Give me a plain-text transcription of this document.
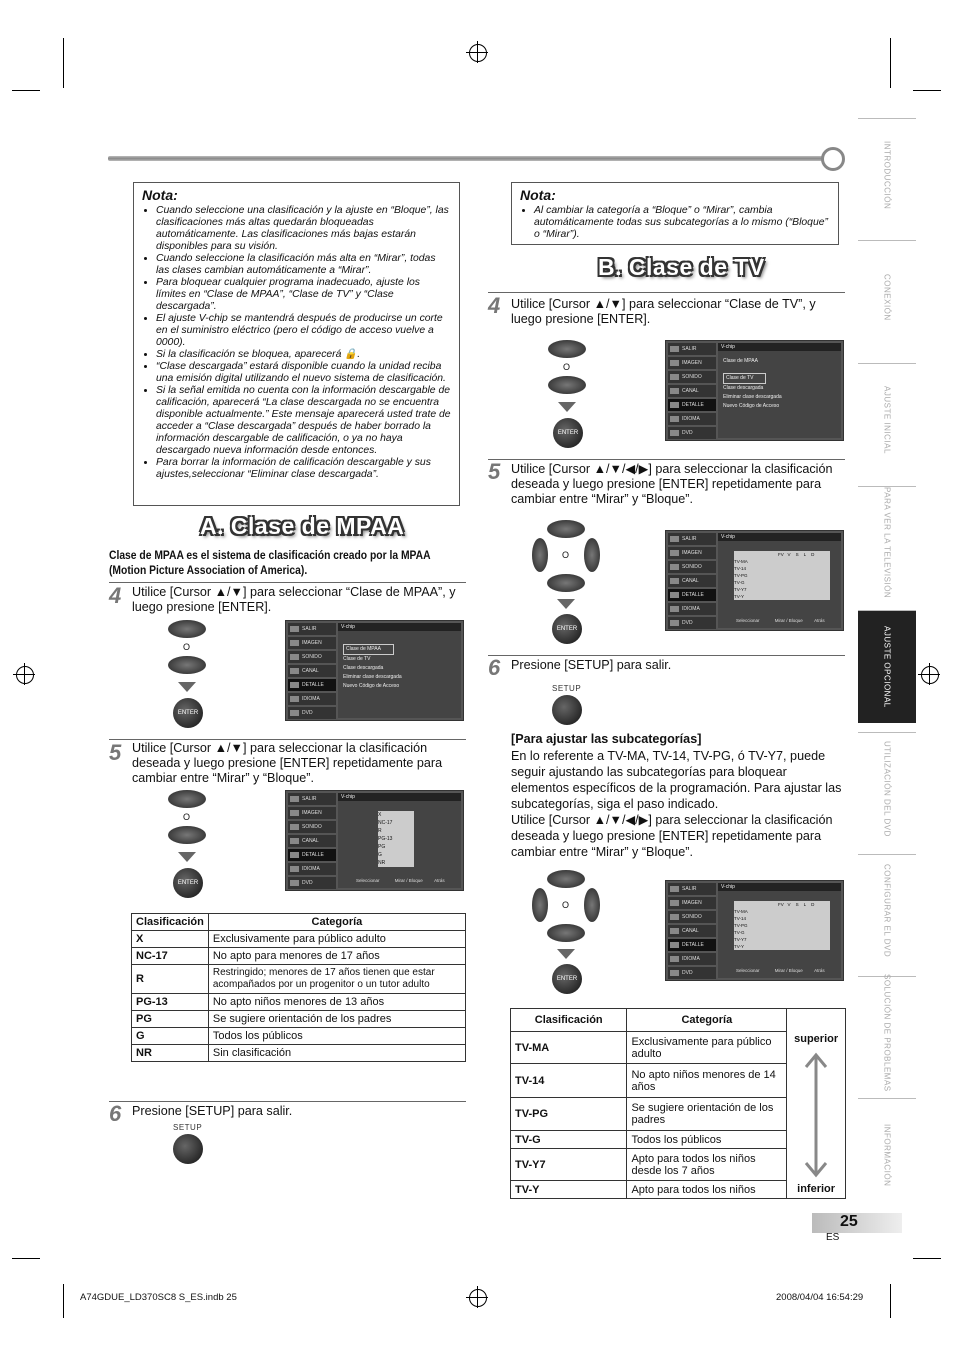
INTRODUCCIÓN
CONEXIÓN
AJUSTE INICIAL
PARA VER LA TELEVISIÓN
AJUSTE OPCIONAL
UTILIZACIÓN DEL DVD
CONFIGURAR EL DVD
SOLUCIÓN DE PROBLEMAS
INFORMACIÓN
Nota:
• Cuando seleccione una clasificación y la ajuste en “Bloque”, las clasificaciones más altas quedarán bloqueadas automáticamente. Las clasificaciones más bajas estarán disponibles para su visión.
• Cuando seleccione la clasificación más alta en “Mirar”, todas las clases cambian automáticamente a “Mirar”.
• Para bloquear cualquier programa inadecuado, ajuste los límites en “Clase de MPAA”, “Clase de TV” y “Clase descargada”.
• El ajuste V-chip se mantendrá después de producirse un corte en el suministro eléctrico (pero el código de acceso vuelve a 0000).
• Si la clasificación se bloquea, aparecerá 🔒.
• “Clase descargada” estará disponible cuando la unidad reciba una emisión digital utilizando el nuevo sistema de clasificación.
• Si la señal emitida no cuenta con la información descargable de calificación, aparecerá “La clase descargada no se encuentra disponible actualmente.” Este mensaje aparecerá usted trate de acceder a “Clase descargada” después de haber borrado la información descargable de calificación, o ya no haya descargado nueva información desde entonces.
• Para borrar la información de calificación descargable y sus ajustes,seleccionar “Eliminar clase descargada”.
A. Clase de MPAA
Clase de MPAA es el sistema de clasificación creado por la MPAA (Motion Picture Association of America).
4 Utilice [Cursor ▲/▼] para seleccionar “Clase de MPAA”, y luego presione [ENTER].
O
ENTER
SALIR
IMAGEN
SONIDO
CANAL
DETALLE
IDIOMA
DVD
V-chip
Clase de MPAA
Clase de TV
Clase descargada
Eliminar clase descargada
Nuevo Código de Acceso
5 Utilice [Cursor ▲/▼] para seleccionar la clasificación deseada y luego presione [ENTER] repetidamente para cambiar entre “Mirar” y “Bloque”.
O
ENTER
SALIR
IMAGEN
SONIDO
CANAL
DETALLE
IDIOMA
DVD
V-chip
X
NC-17
R
PG-13
PG
G
NR
Seleccionar	Mirar / Bloque	Atrás
Clasificación	Categoría
X	Exclusivamente para público adulto
NC-17	No apto para menores de 17 años
R	Restringido; menores de 17 años tienen que estar acompañados por un progenitor o un tutor adulto
PG-13	No apto niños menores de 13 años
PG	Se sugiere orientación de los padres
G	Todos los públicos
NR	Sin clasificación
6 Presione [SETUP] para salir.
SETUP
Nota:
• Al cambiar la categoría a “Bloque” o “Mirar”, cambia automáticamente todas sus subcategorías a lo mismo (“Bloque” o “Mirar”).
B. Clase de TV
4 Utilice [Cursor ▲/▼] para seleccionar “Clase de TV”, y luego presione [ENTER].
O
ENTER
SALIR
IMAGEN
SONIDO
CANAL
DETALLE
IDIOMA
DVD
V-chip
Clase de MPAA
Clase de TV
Clase descargada
Eliminar clase descargada
Nuevo Código de Acceso
5 Utilice [Cursor ▲/▼/◀/▶] para seleccionar la clasificación deseada y luego presione [ENTER] repetidamente para cambiar entre “Mirar” y “Bloque”.
O
ENTER
SALIR
IMAGEN
SONIDO
CANAL
DETALLE
IDIOMA
DVD
V-chip
FV V S L D
TV-MA
TV-14
TV-PG
TV-G
TV-Y7
TV-Y
Seleccionar	Mirar / Bloque	Atrás
6 Presione [SETUP] para salir.
SETUP
[Para ajustar las subcategorías]
En lo referente a TV-MA, TV-14, TV-PG, ó TV-Y7, puede seguir ajustando las subcategorías para bloquear elementos específicos de la programación. Para ajustar las subcategorías, siga el paso indicado.
Utilice [Cursor ▲/▼/◀/▶] para seleccionar la clasificación deseada y luego presione [ENTER] repetidamente para cambiar entre “Mirar” y “Bloque”.
O
ENTER
SALIR
IMAGEN
SONIDO
CANAL
DETALLE
IDIOMA
DVD
V-chip
FV V S L D
TV-MA
TV-14
TV-PG
TV-G
TV-Y7
TV-Y
Seleccionar	Mirar / Bloque	Atrás
Clasificación	Categoría	superior
inferior

TV-MA	Exclusivamente para público adulto	
TV-14	No apto niños menores de 14 años	
TV-PG	Se sugiere orientación de los padres	
TV-G	Todos los públicos	
TV-Y7	Apto para todos los niños desde los 7 años	
TV-Y	Apto para todos los niños	
25
ES
A74GDUE_LD370SC8 S_ES.indb 25	2008/04/04 16:54:29
